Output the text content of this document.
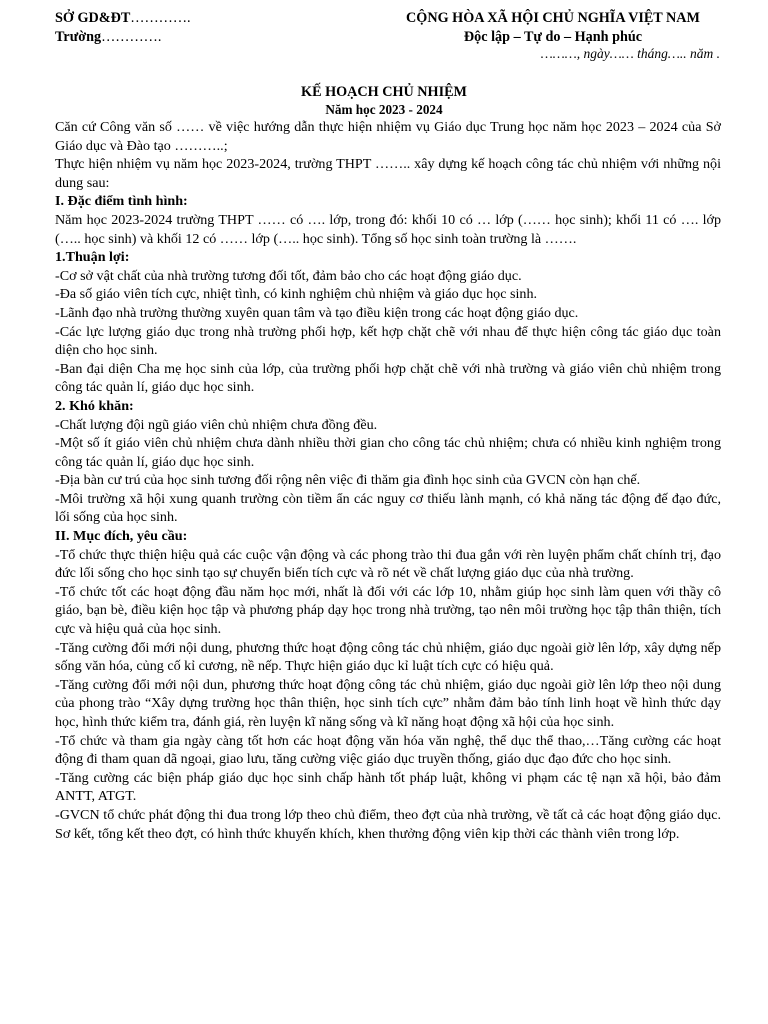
SỞ GD&ĐT………….
Trường………….
CỘNG HÒA XÃ HỘI CHỦ NGHĨA VIỆT NAM
Độc lập – Tự do – Hạnh phúc
………, ngày…… tháng….. năm .
KẾ HOẠCH CHỦ NHIỆM
Năm học 2023 - 2024

Căn cứ Công văn số …… về việc hướng dẫn thực hiện nhiệm vụ Giáo dục Trung học năm học 2023 – 2024 của Sở Giáo dục và Đào tạo ………..;

Thực hiện nhiệm vụ năm học 2023-2024, trường THPT …….. xây dựng kế hoạch công tác chủ nhiệm với những nội dung sau:

I. Đặc điểm tình hình:

Năm học 2023-2024 trường THPT …… có …. lớp, trong đó: khối 10 có … lớp (…… học sinh); khối 11 có …. lớp (….. học sinh) và khối 12 có …… lớp (….. học sinh). Tổng số học sinh toàn trường là …….

1.Thuận lợi:

-Cơ sở vật chất của nhà trường tương đối tốt, đảm bảo cho các hoạt động giáo dục.

-Đa số giáo viên tích cực, nhiệt tình, có kinh nghiệm chủ nhiệm và giáo dục học sinh.

-Lãnh đạo nhà trường thường xuyên quan tâm và tạo điều kiện trong các hoạt động giáo dục.

-Các lực lượng giáo dục trong nhà trường phối hợp, kết hợp chặt chẽ với nhau để thực hiện công tác giáo dục toàn diện cho học sinh.

-Ban đại diện Cha mẹ học sinh của lớp, của trường phối hợp chặt chẽ với nhà trường và giáo viên chủ nhiệm trong công tác quản lí, giáo dục học sinh.

2. Khó khăn:

-Chất lượng đội ngũ giáo viên chủ nhiệm chưa đồng đều.

-Một số ít giáo viên chủ nhiệm chưa dành nhiều thời gian cho công tác chủ nhiệm; chưa có nhiều kinh nghiệm trong công tác quản lí, giáo dục học sinh.

-Địa bàn cư trú của học sinh tương đối rộng nên việc đi thăm gia đình học sinh của GVCN còn hạn chế.

-Môi trường xã hội xung quanh trường còn tiềm ẩn các nguy cơ thiếu lành mạnh, có khả năng tác động đế đạo đức, lối sống của học sinh.

II. Mục đích, yêu cầu:

-Tổ chức thực thiện hiệu quả các cuộc vận động và các phong trào thi đua gắn với rèn luyện phẩm chất chính trị, đạo đức lối sống cho học sinh tạo sự chuyển biến tích cực và rõ nét về chất lượng giáo dục của nhà trường.

-Tổ chức tốt các hoạt động đầu năm học mới, nhất là đối với các lớp 10, nhằm giúp học sinh làm quen với thầy cô giáo, bạn bè, điều kiện học tập và phương pháp dạy học trong nhà trường, tạo nên môi trường học tập thân thiện, tích cực và hiệu quả của học sinh.

-Tăng cường đổi mới nội dung, phương thức hoạt động công tác chủ nhiệm, giáo dục ngoài giờ lên lớp, xây dựng nếp sống văn hóa, củng cố kỉ cương, nề nếp. Thực hiện giáo dục kỉ luật tích cực có hiệu quả.

-Tăng cường đổi mới nội dun, phương thức hoạt động công tác chủ nhiệm, giáo dục ngoài giờ lên lớp theo nội dung của phong trào “Xây dựng trường học thân thiện, học sinh tích cực” nhằm đảm bảo tính linh hoạt về hình thức dạy học, hình thức kiểm tra, đánh giá, rèn luyện kĩ năng sống và kĩ năng hoạt động xã hội của học sinh.

-Tổ chức và tham gia ngày càng tốt hơn các hoạt động văn hóa văn nghệ, thể dục thể thao,…Tăng cường các hoạt động đi tham quan dã ngoại, giao lưu, tăng cường việc giáo dục truyền thống, giáo dục đạo đức cho học sinh.

-Tăng cường các biện pháp giáo dục học sinh chấp hành tốt pháp luật, không vi phạm các tệ nạn xã hội, bảo đảm ANTT, ATGT.

-GVCN tổ chức phát động thi đua trong lớp theo chủ điểm, theo đợt của nhà trường, về tất cả các hoạt động giáo dục. Sơ kết, tổng kết theo đợt, có hình thức khuyến khích, khen thưởng động viên kịp thời các thành viên trong lớp.
